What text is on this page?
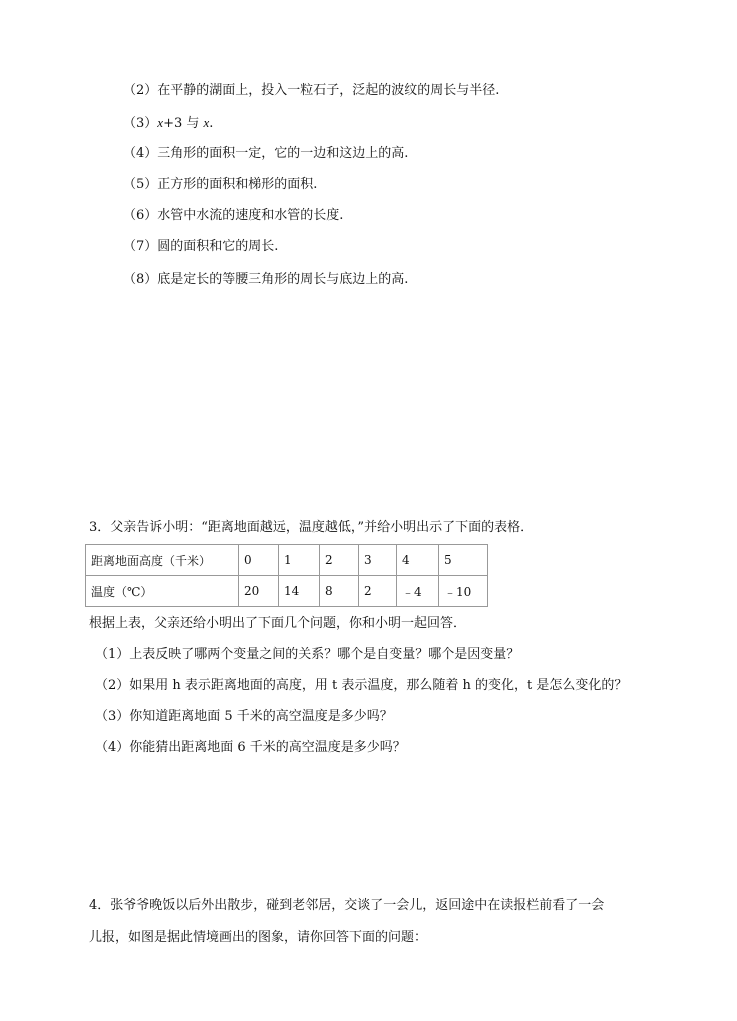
（2）在平静的湖面上，投入一粒石子，泛起的波纹的周长与半径.
（3）x+3 与 x.
（4）三角形的面积一定，它的一边和这边上的高.
（5）正方形的面积和梯形的面积.
（6）水管中水流的速度和水管的长度.
（7）圆的面积和它的周长.
（8）底是定长的等腰三角形的周长与底边上的高.
3．父亲告诉小明：“距离地面越远，温度越低，”并给小明出示了下面的表格．
距离地面高度（千米）	0	1	2	3	4	5
温度（℃）	20	14	8	2	﹣4	﹣10
根据上表，父亲还给小明出了下面几个问题，你和小明一起回答．
（1）上表反映了哪两个变量之间的关系？哪个是自变量？哪个是因变量？
（2）如果用 h 表示距离地面的高度，用 t 表示温度，那么随着 h 的变化，t 是怎么变化的？
（3）你知道距离地面 5 千米的高空温度是多少吗？
（4）你能猜出距离地面 6 千米的高空温度是多少吗？
4．张爷爷晚饭以后外出散步，碰到老邻居，交谈了一会儿，返回途中在读报栏前看了一会
儿报，如图是据此情境画出的图象，请你回答下面的问题：
